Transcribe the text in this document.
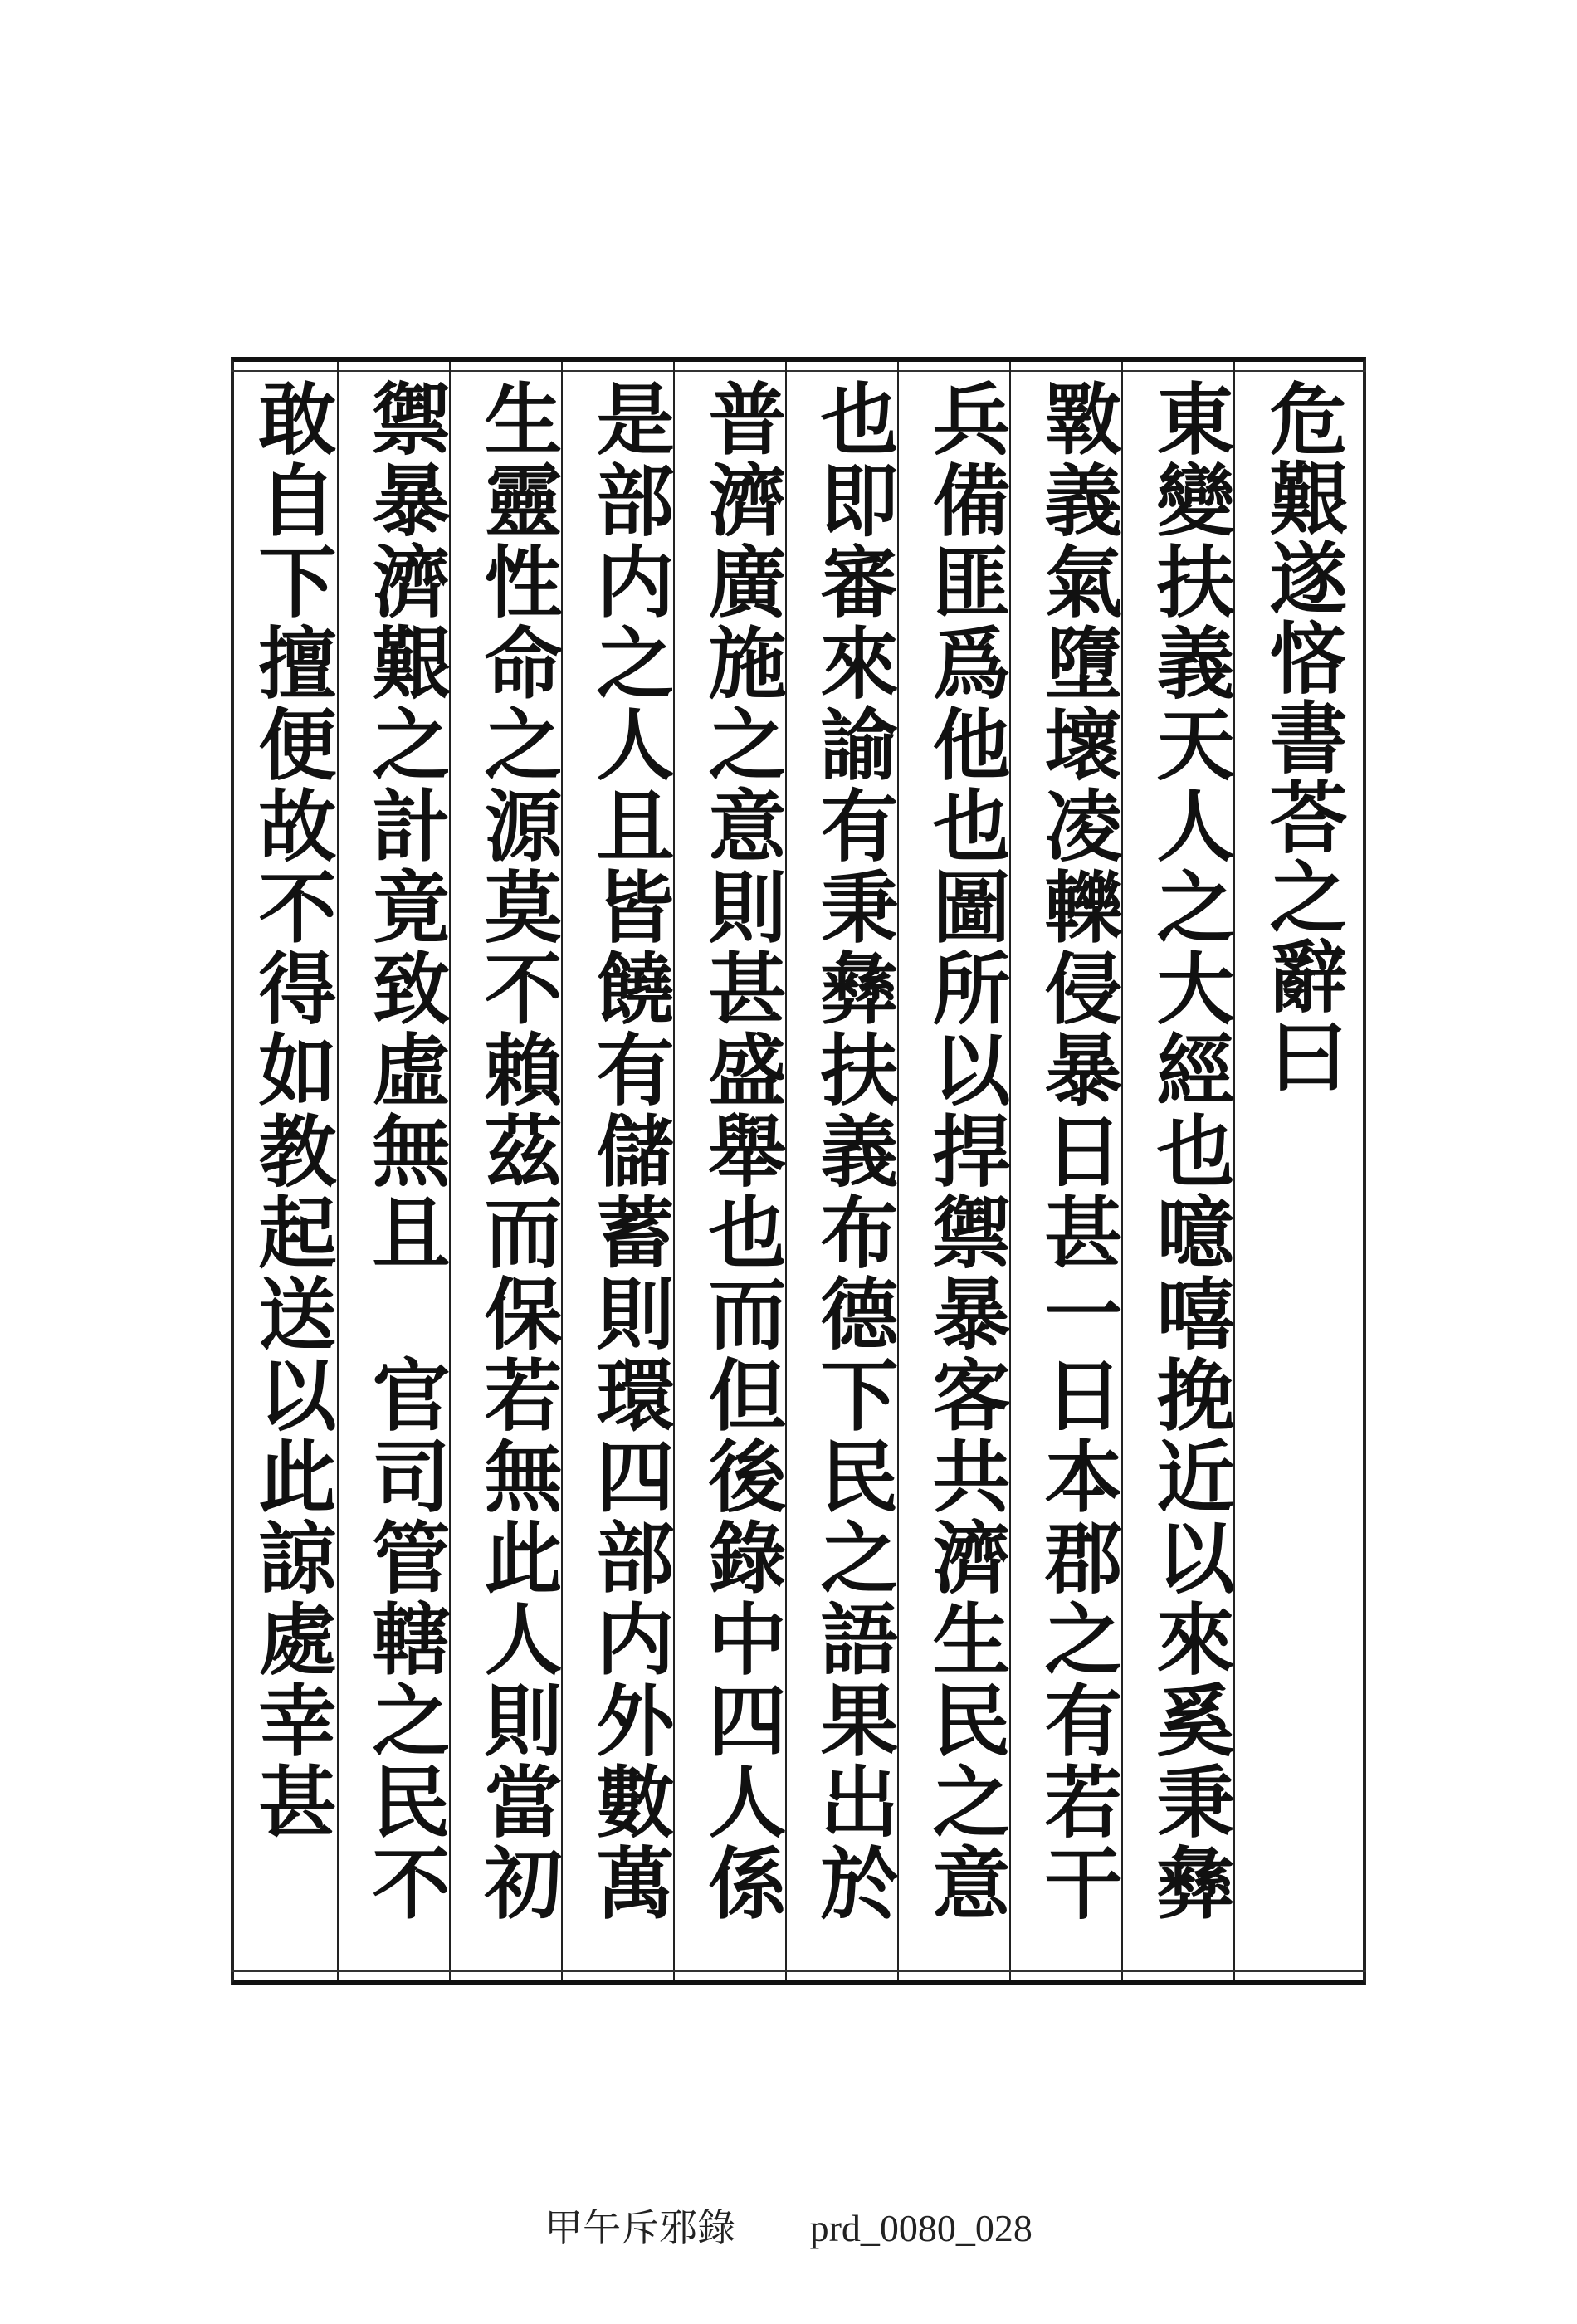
危艱遂悋書荅之辭曰
東變扶義天人之大經也噫嘻挽近以來奚秉彝
斁義氣墮壞凌轢侵暴日甚一日本郡之有若干
兵備匪爲他也圖所以捍禦暴客共濟生民之意
也即審來諭有秉彝扶義布德下民之語果出於
普濟廣施之意則甚盛舉也而但後錄中四人係
是部内之人且皆饒有儲蓄則環四部内外數萬
生靈性命之源莫不賴茲而保若無此人則當初
禦暴濟艱之計竟致虛無且　官司管轄之民不
敢自下擅便故不得如教起送以此諒處幸甚
甲午斥邪錄 prd_0080_028
